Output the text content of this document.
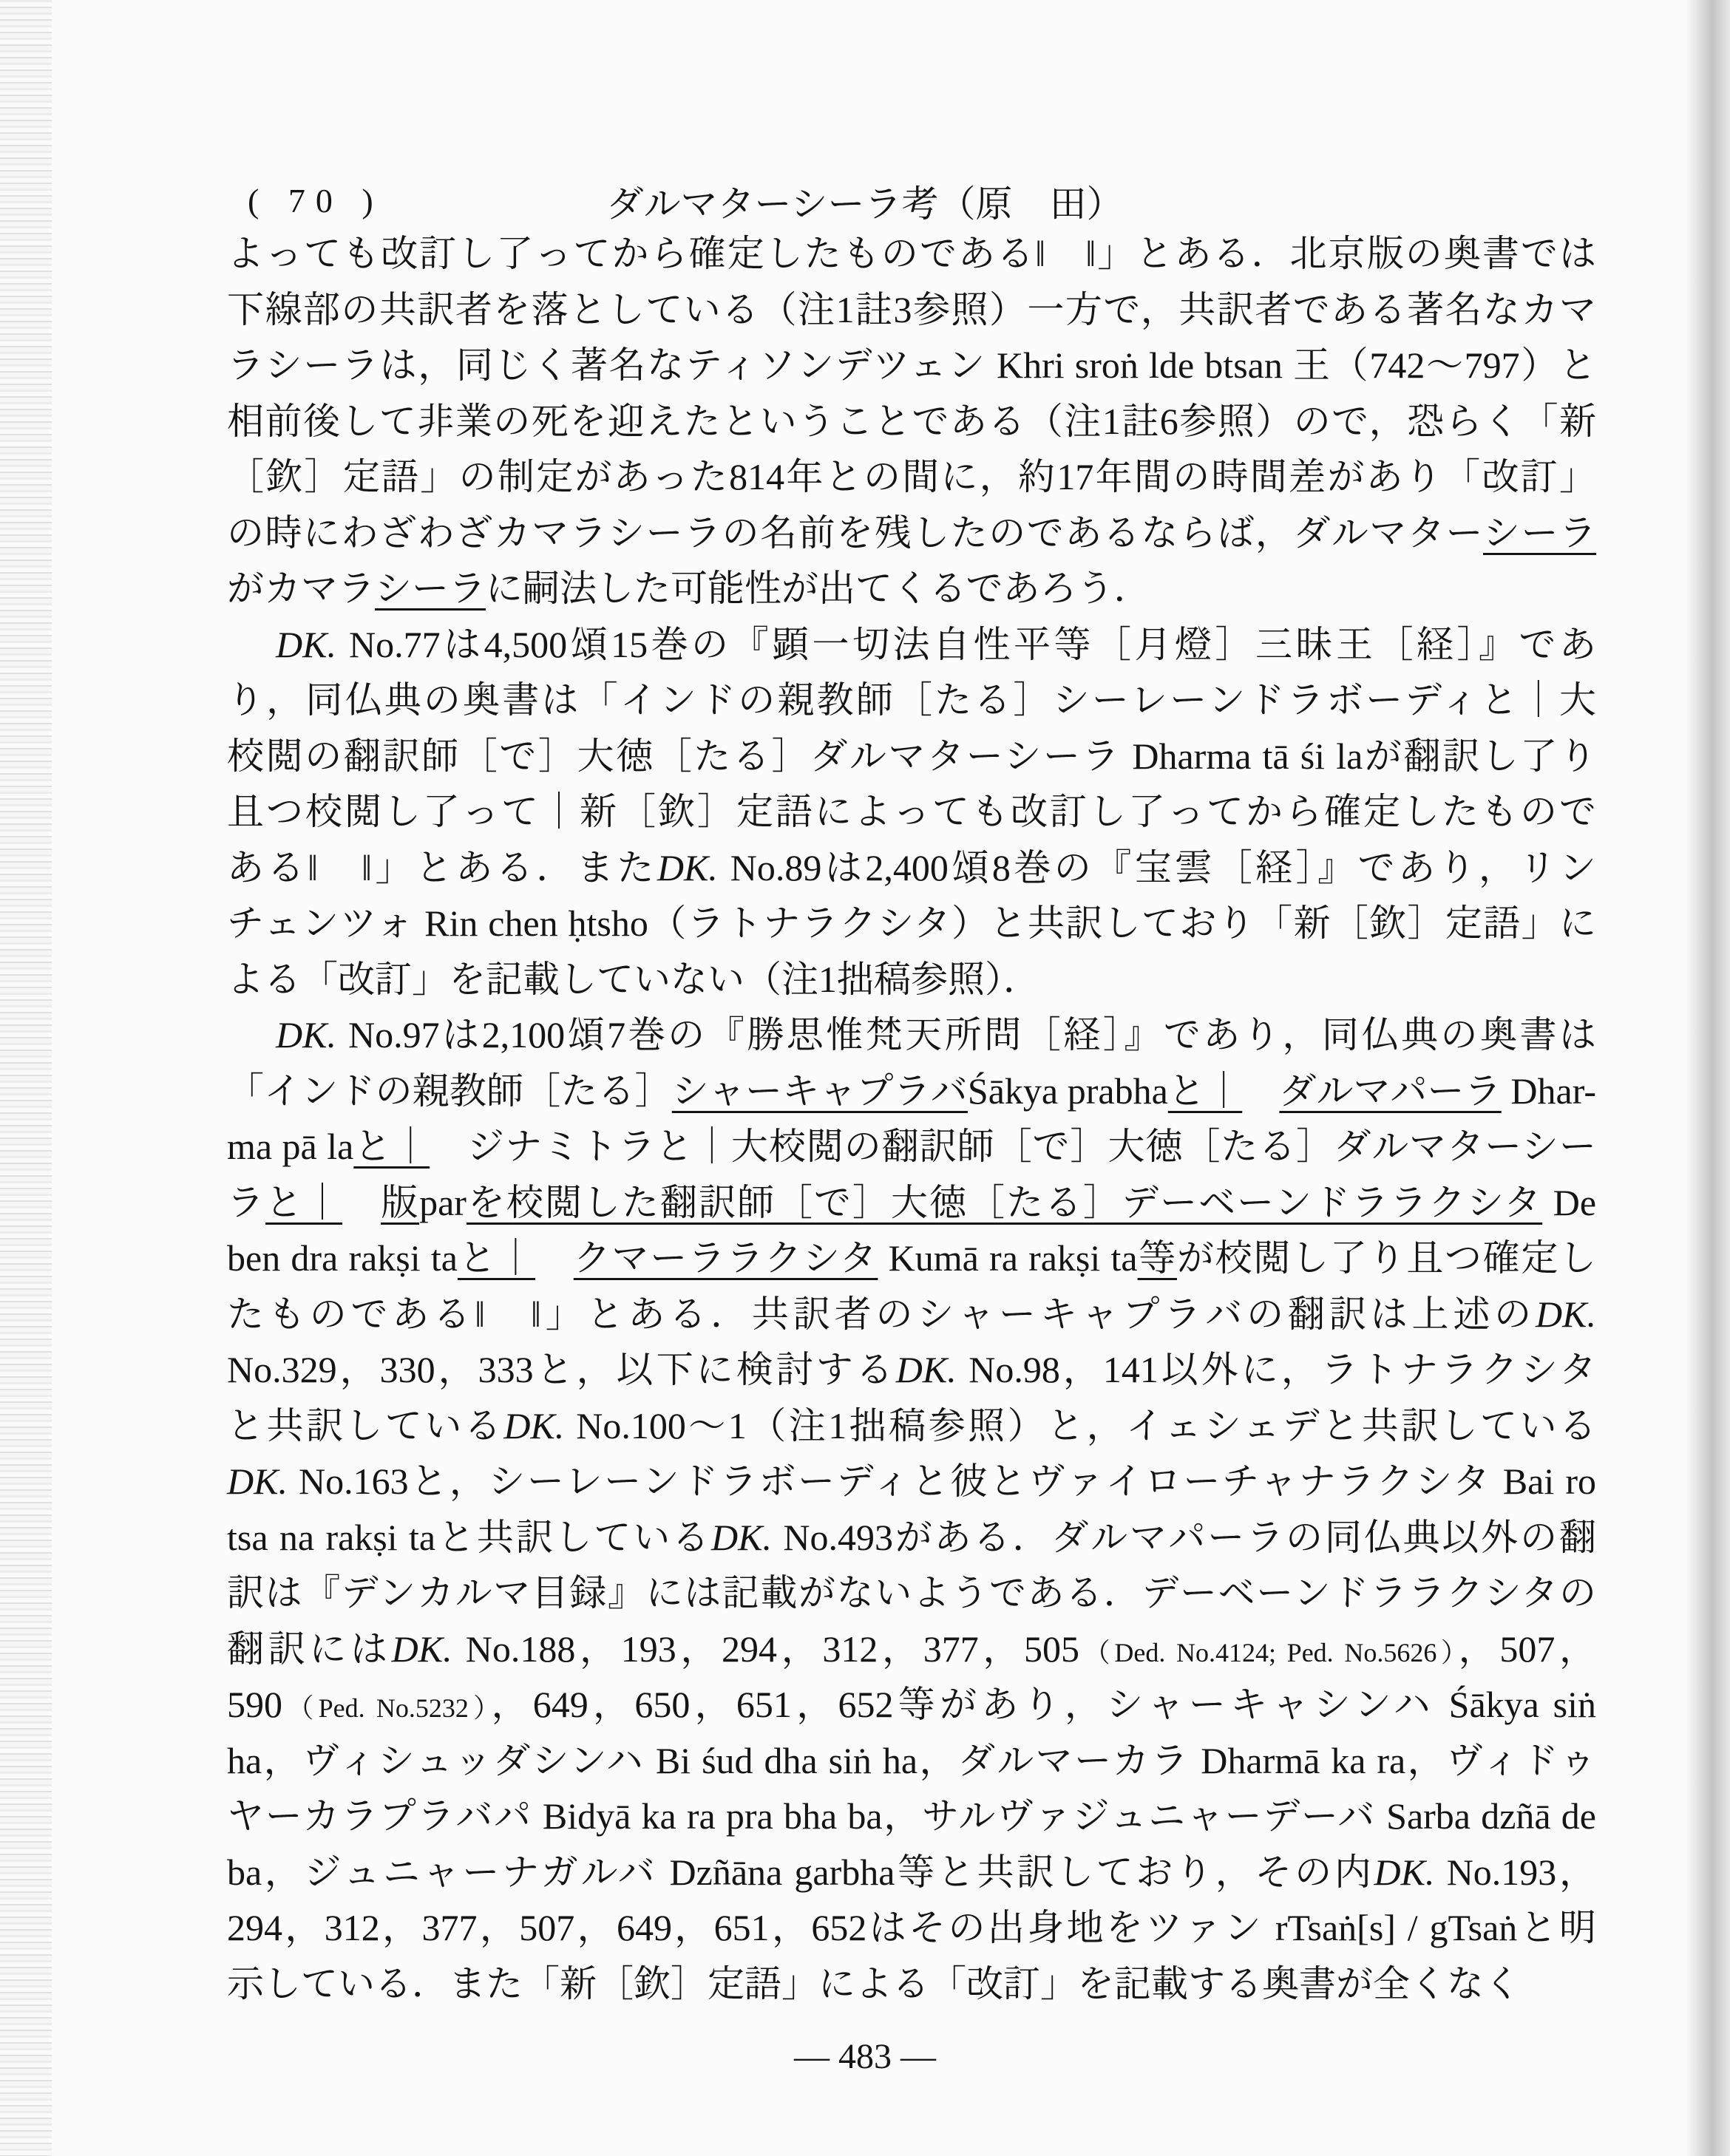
( 70 )	ダルマターシーラ考（原　田）
よっても改訂し了ってから確定したものである‖　‖」とある．北京版の奥書では
下線部の共訳者を落としている（注1註3参照）一方で，共訳者である著名なカマ
ラシーラは，同じく著名なティソンデツェン Khri sroṅ lde btsan 王（742～797）と
相前後して非業の死を迎えたということである（注1註6参照）ので，恐らく「新
［欽］定語」の制定があった814年との間に，約17年間の時間差があり「改訂」
の時にわざわざカマラシーラの名前を残したのであるならば，ダルマターシーラ
がカマラシーラに嗣法した可能性が出てくるであろう．
DK. No.77は4,500頌15巻の『顕一切法自性平等［月燈］三昧王［経］』であ
り，同仏典の奥書は「インドの親教師［たる］シーレーンドラボーディと｜大
校閲の翻訳師［で］大徳［たる］ダルマターシーラ Dharma tā śi laが翻訳し了り
且つ校閲し了って｜新［欽］定語によっても改訂し了ってから確定したもので
ある‖　‖」とある．またDK. No.89は2,400頌8巻の『宝雲［経］』であり，リン
チェンツォ Rin chen ḥtsho（ラトナラクシタ）と共訳しており「新［欽］定語」に
よる「改訂」を記載していない（注1拙稿参照）．
DK. No.97は2,100頌7巻の『勝思惟梵天所問［経］』であり，同仏典の奥書は
「インドの親教師［たる］シャーキャプラバŚākya prabhaと｜　 ダルマパーラ Dhar-
ma pā laと｜　ジナミトラと｜大校閲の翻訳師［で］大徳［たる］ダルマターシー
ラと｜　 版parを校閲した翻訳師［で］大徳［たる］デーベーンドララクシタ De
ben dra rakṣi taと｜　 クマーララクシタ Kumā ra rakṣi ta等が校閲し了り且つ確定し
たものである‖　‖」とある．共訳者のシャーキャプラバの翻訳は上述のDK.
No.329，330，333と，以下に検討するDK. No.98，141以外に，ラトナラクシタ
と共訳しているDK. No.100～1（注1拙稿参照）と，イェシェデと共訳している
DK. No.163と，シーレーンドラボーディと彼とヴァイローチャナラクシタ Bai ro
tsa na rakṣi taと共訳しているDK. No.493がある．ダルマパーラの同仏典以外の翻
訳は『デンカルマ目録』には記載がないようである．デーベーンドララクシタの
翻訳にはDK. No.188，193，294，312，377，505（Ded. No.4124; Ped. No.5626），507，
590（Ped. No.5232），649，650，651，652等があり，シャーキャシンハ Śākya siṅ
ha，ヴィシュッダシンハ Bi śud dha siṅ ha，ダルマーカラ Dharmā ka ra，ヴィドゥ
ヤーカラプラバパ Bidyā ka ra pra bha ba，サルヴァジュニャーデーバ Sarba dzñā de
ba，ジュニャーナガルバ Dzñāna garbha等と共訳しており，その内DK. No.193，
294，312，377，507，649，651，652はその出身地をツァン rTsaṅ[s] / gTsaṅと明
示している．また「新［欽］定語」による「改訂」を記載する奥書が全くなく
— 483 —
